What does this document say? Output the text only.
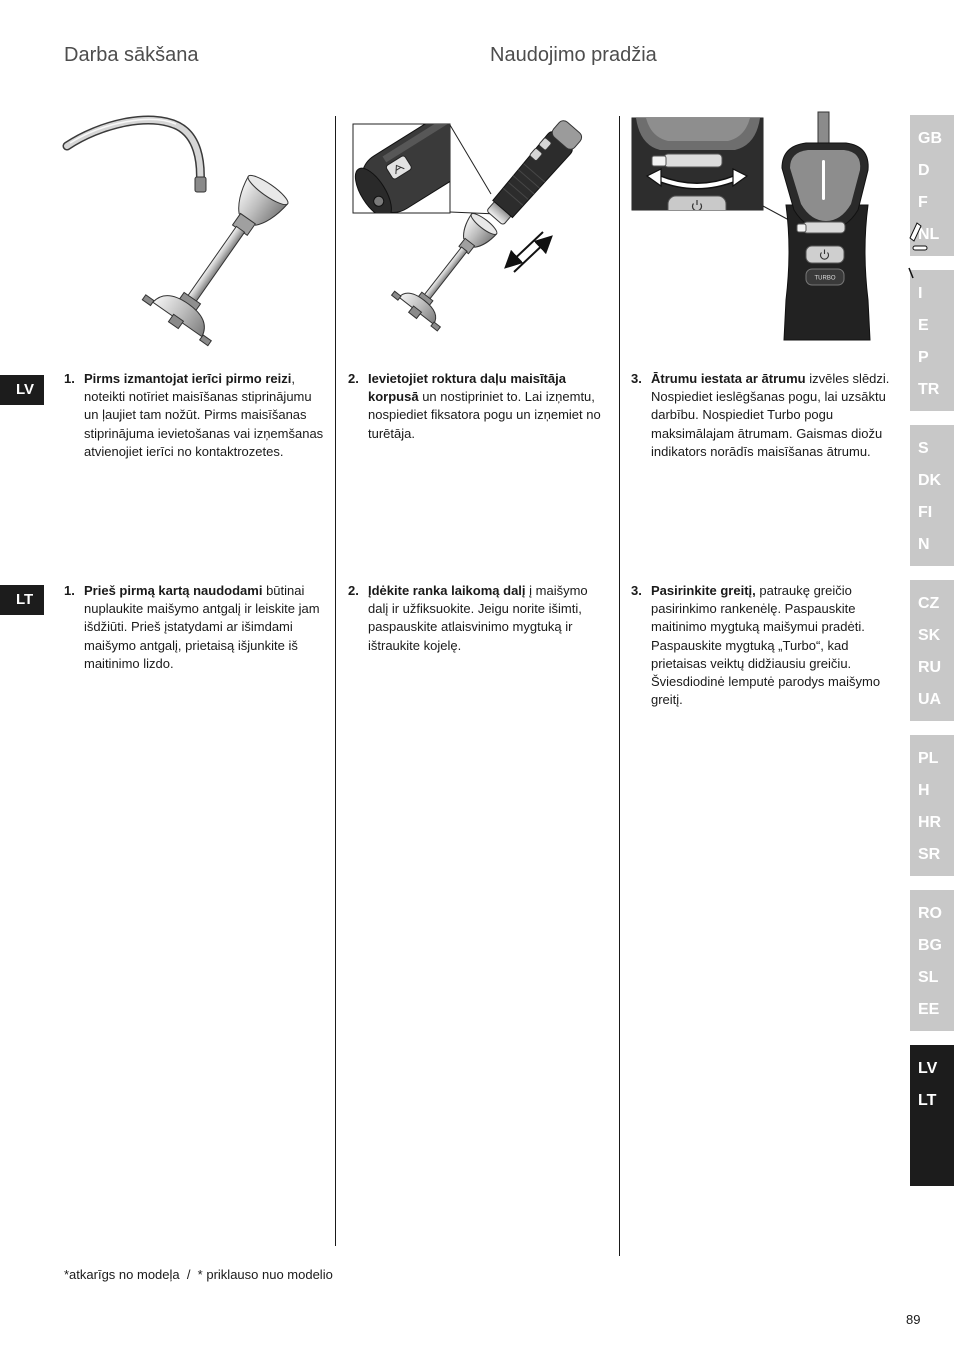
Darba sākšana	Naudojimo pradžia
TURBO
LV
LT
1. Pirms izmantojat ierīci pirmo reizi, noteikti notīriet maisīšanas stiprinājumu un ļaujiet tam nožūt. Pirms maisīšanas stiprinājuma ievietošanas vai izņemšanas atvienojiet ierīci no kontaktrozetes.

2. Ievietojiet roktura daļu maisītāja korpusā un nostipriniet to. Lai izņemtu, nospiediet fiksatora pogu un izņemiet no turētāja.

3. Ātrumu iestata ar ātrumu izvēles slēdzi. Nospiediet ieslēgšanas pogu, lai uzsāktu darbību. Nospiediet Turbo pogu maksimālajam ātrumam. Gaismas diožu indikators norādīs maisīšanas ātrumu.

1. Prieš pirmą kartą naudodami būtinai nuplaukite maišymo antgalį ir leiskite jam išdžiūti. Prieš įstatydami ar išimdami maišymo antgalį, prietaisą išjunkite iš maitinimo lizdo.

2. Įdėkite ranka laikomą dalį į maišymo dalį ir užfiksuokite. Jeigu norite išimti, paspauskite atlaisvinimo mygtuką ir ištraukite kojelę.

3. Pasirinkite greitį, patraukę greičio pasirinkimo rankenėlę. Paspauskite maitinimo mygtuką maišymui pradėti. Paspauskite mygtuką „Turbo“, kad prietaisas veiktų didžiausiu greičiu. Šviesdiodinė lemputė parodys maišymo greitį.

GB
D
F
NL
I
E
P
TR
S
DK
FI
N
CZ
SK
RU
UA
PL
H
HR
SR
RO
BG
SL
EE
LV
LT
*atkarīgs no modeļa  /  * priklauso nuo modelio
89
